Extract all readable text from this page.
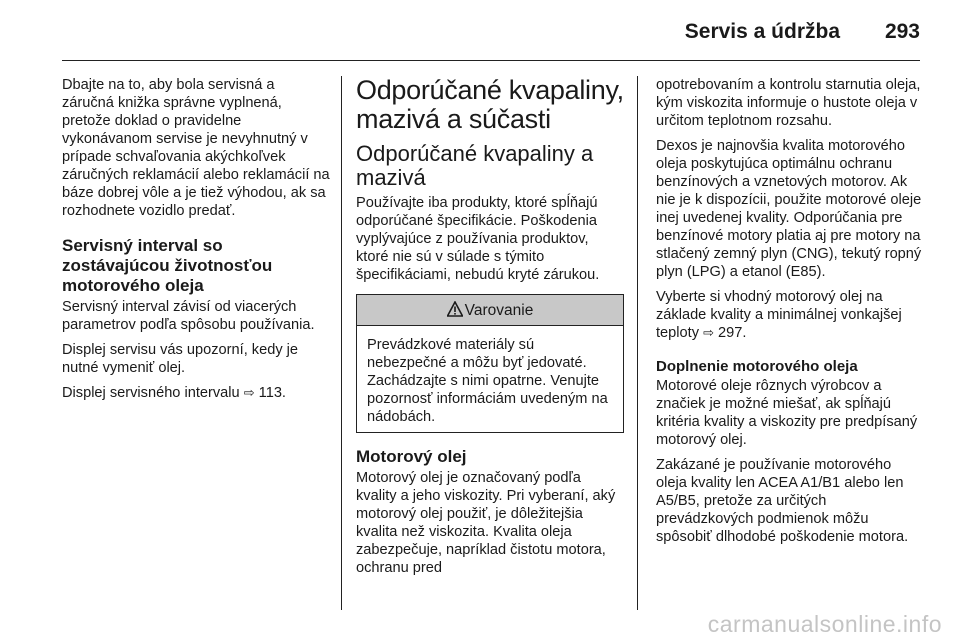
Servis a údržba 293

Dbajte na to, aby bola servisná a záručná knižka správne vyplnená, pretože doklad o pravidelne vykonávanom servise je nevyhnutný v prípade schvaľovania akýchkoľvek záručných reklamácií alebo reklamácií na báze dobrej vôle a je tiež výhodou, ak sa rozhodnete vozidlo predať.

Servisný interval so zostávajúcou životnosťou motorového oleja

Servisný interval závisí od viacerých parametrov podľa spôsobu používania.

Displej servisu vás upozorní, kedy je nutné vymeniť olej.

Displej servisného intervalu ⇨ 113.

Odporúčané kvapaliny, mazivá a súčasti
Odporúčané kvapaliny a mazivá

Používajte iba produkty, ktoré spĺňajú odporúčané špecifikácie. Poškodenia vyplývajúce z používania produktov, ktoré nie sú v súlade s týmito špecifikáciami, nebudú kryté zárukou.

Varovanie
Prevádzkové materiály sú nebezpečné a môžu byť jedovaté. Zachádzajte s nimi opatrne. Venujte pozornosť informáciám uvedeným na nádobách.
Motorový olej

Motorový olej je označovaný podľa kvality a jeho viskozity. Pri vyberaní, aký motorový olej použiť, je dôležitejšia kvalita než viskozita. Kvalita oleja zabezpečuje, napríklad čistotu motora, ochranu pred

opotrebovaním a kontrolu starnutia oleja, kým viskozita informuje o hustote oleja v určitom teplotnom rozsahu.

Dexos je najnovšia kvalita motorového oleja poskytujúca optimálnu ochranu benzínových a vznetových motorov. Ak nie je k dispozícii, použite motorové oleje inej uvedenej kvality. Odporúčania pre benzínové motory platia aj pre motory na stlačený zemný plyn (CNG), tekutý ropný plyn (LPG) a etanol (E85).

Vyberte si vhodný motorový olej na základe kvality a minimálnej vonkajšej teploty ⇨ 297.

Doplnenie motorového oleja

Motorové oleje rôznych výrobcov a značiek je možné miešať, ak spĺňajú kritéria kvality a viskozity pre predpísaný motorový olej.

Zakázané je používanie motorového oleja kvality len ACEA A1/B1 alebo len A5/B5, pretože za určitých prevádzkových podmienok môžu spôsobiť dlhodobé poškodenie motora.

carmanualsonline.info
